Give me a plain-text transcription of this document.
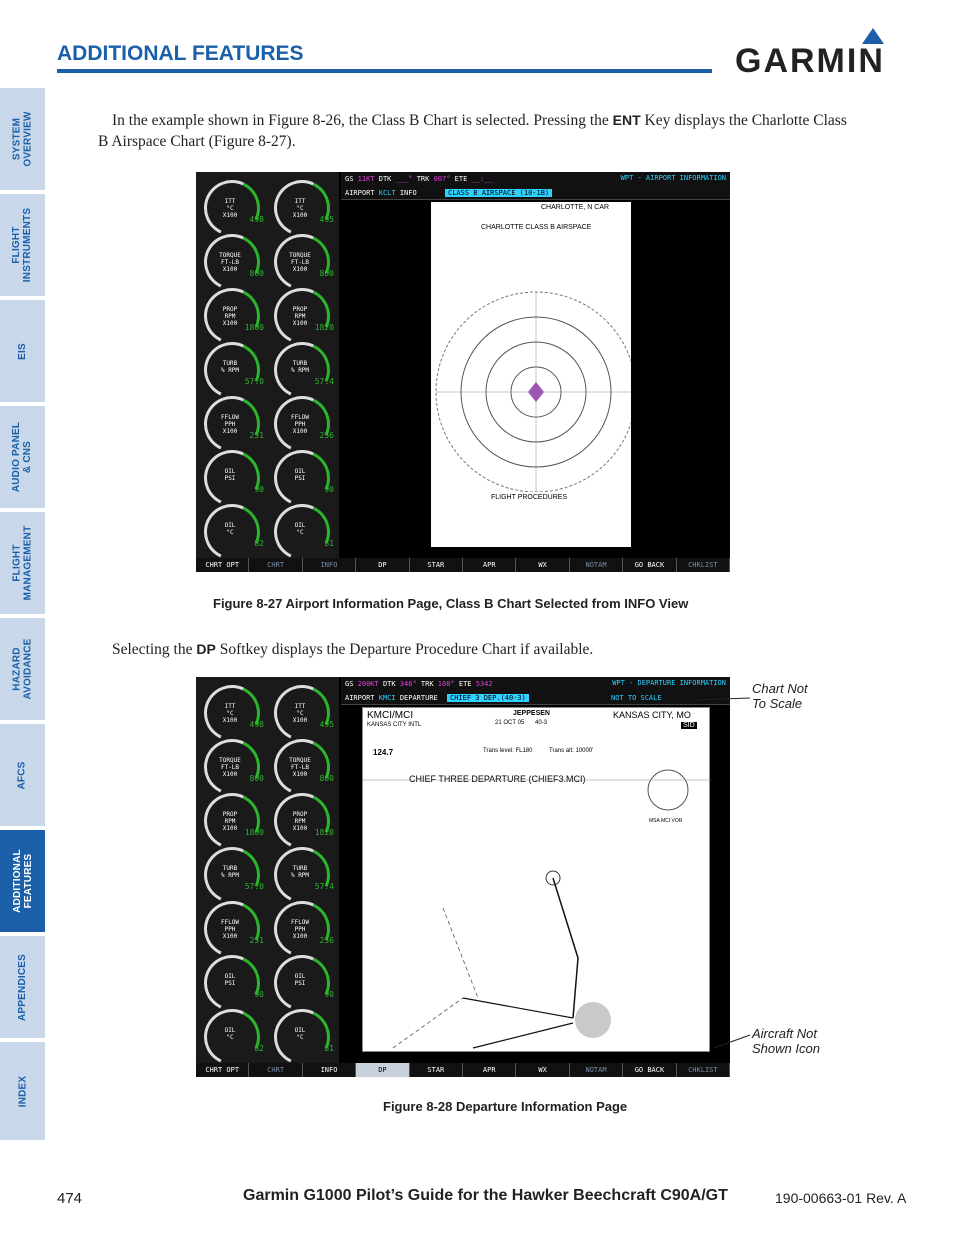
ADDITIONAL FEATURES	GARMIN
SYSTEM
OVERVIEW
FLIGHT
INSTRUMENTS
EIS
AUDIO PANEL
& CNS
FLIGHT
MANAGEMENT
HAZARD
AVOIDANCE
AFCS
ADDITIONAL
FEATURES
APPENDICES
INDEX
In the example shown in Figure 8-26, the Class B Chart is selected. Pressing the ENT Key displays the Charlotte Class B Airspace Chart (Figure 8-27).
ITT
°C
X100	498
ITT
°C
X100	495
TORQUE
FT-LB
X100	800
TORQUE
FT-LB
X100	800
PROP
RPM
X100 1800
PROP
RPM
X100 1820
TURB
% RPM
57.0
TURB
% RPM
57.4
FFLOW
PPH
X100	251
FFLOW
PPH
X100	256
OIL
PSI
90
OIL
PSI
90
OIL
°C
82
OIL
°C
81
GS 11KT DTK ___° TRK 007° ETE __:__	WPT - AIRPORT INFORMATION
AIRPORT KCLT INFO	CLASS B AIRSPACE (10-1B)
CHARLOTTE, N CAR
CHARLOTTE CLASS B AIRSPACE
FLIGHT PROCEDURES
CHRT OPT	CHRT	INFO	DP	STAR	APR	WX	NOTAM	GO BACK	CHKLIST
Figure 8-27 Airport Information Page, Class B Chart Selected from INFO View
Selecting the DP Softkey displays the Departure Procedure Chart if available.
ITT
°C
X100	498
ITT
°C
X100	495
TORQUE
FT-LB
X100	800
TORQUE
FT-LB
X100	800
PROP
RPM
X100 1800
PROP
RPM
X100 1820
TURB
% RPM
57.0
TURB
% RPM
57.4
FFLOW
PPH
X100	251
FFLOW
PPH
X100	256
OIL
PSI
90
OIL
PSI
90
OIL
°C
82
OIL
°C
81
GS 200KT DTK 346° TRK 108° ETE 5342	WPT - DEPARTURE INFORMATION
AIRPORT KMCI DEPARTURE	CHIEF 3 DEP.(40-3)	NOT TO SCALE
KMCI/MCI
KANSAS CITY INTL
JEPPESEN
21 OCT 05 40-3
KANSAS CITY, MO
SID
124.7	Trans level: FL180	Trans alt: 10000'
CHIEF THREE DEPARTURE (CHIEF3.MCI)
MSA MCI VOR
CHRT OPT	CHRT	INFO	DP	STAR	APR	WX	NOTAM	GO BACK	CHKLIST
Chart Not
To Scale
Aircraft Not
Shown Icon
Figure 8-28 Departure Information Page
474	Garmin G1000 Pilot’s Guide for the Hawker Beechcraft C90A/GT	190-00663-01 Rev. A
